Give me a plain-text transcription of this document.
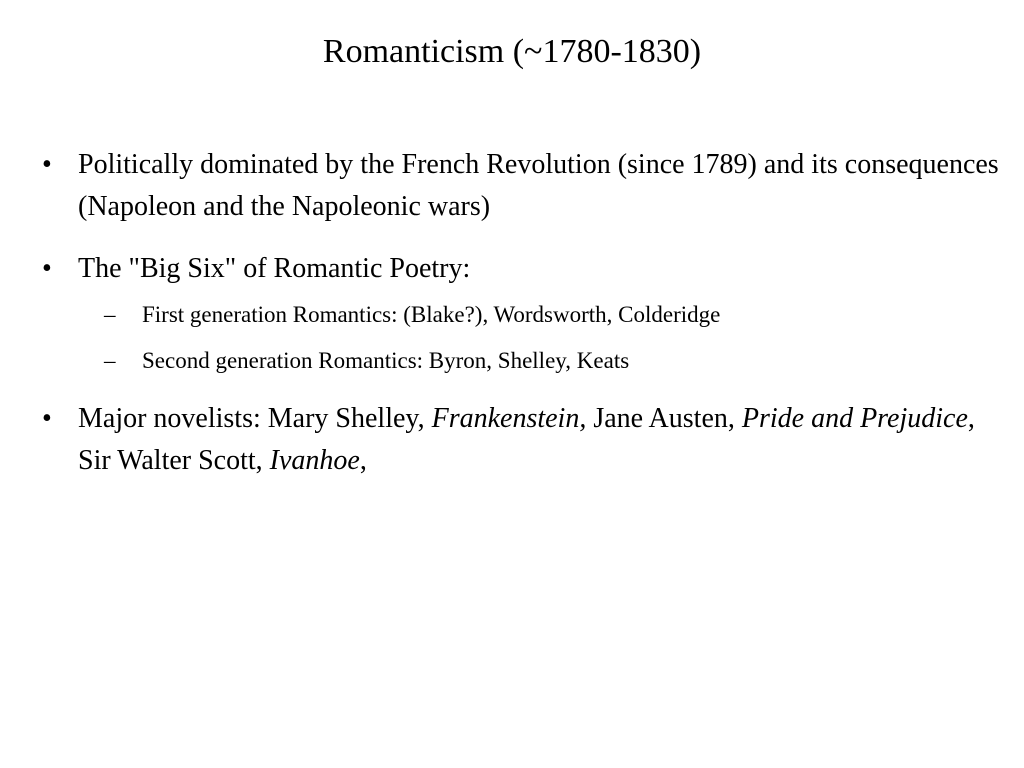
Romanticism (~1780-1830)
• Politically dominated by the French Revolution (since 1789) and its consequences (Napoleon and the Napoleonic wars)
• The "Big Six" of Romantic Poetry:
–	First generation Romantics: (Blake?), Wordsworth, Colderidge
–	Second generation Romantics: Byron, Shelley, Keats
• Major novelists: Mary Shelley, Frankenstein, Jane Austen, Pride and Prejudice, Sir Walter Scott, Ivanhoe,
